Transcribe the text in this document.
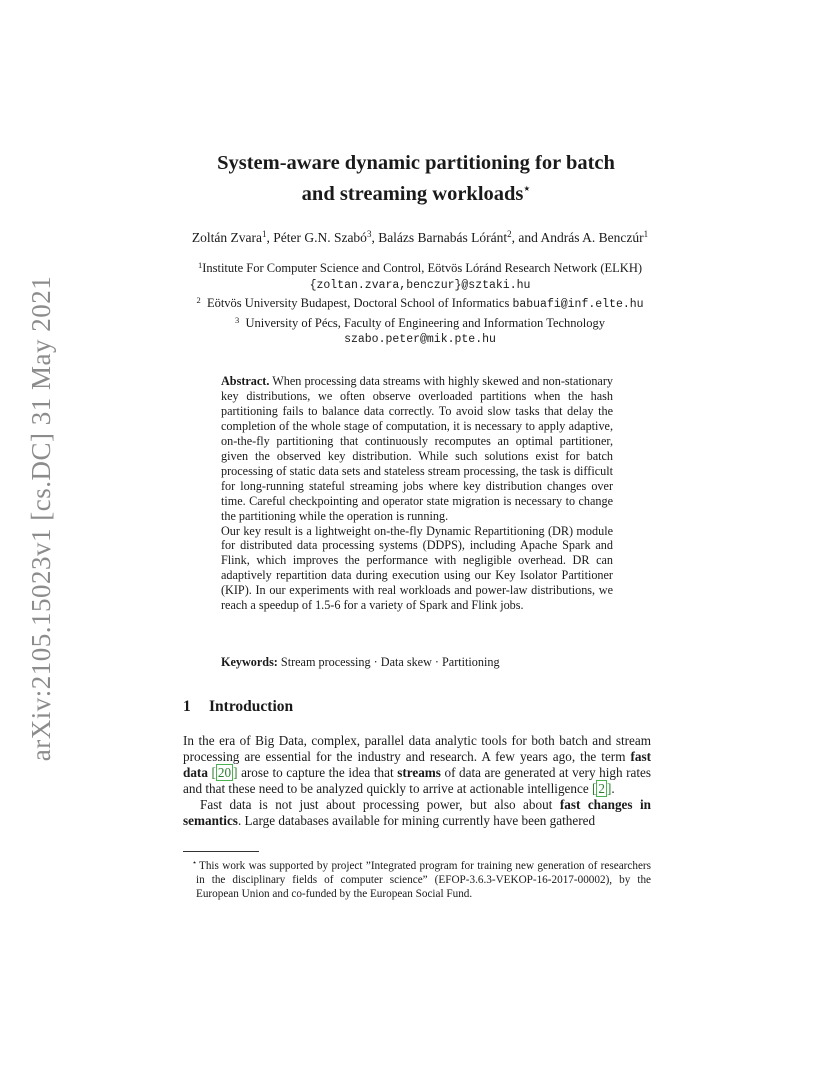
arXiv:2105.15023v1 [cs.DC] 31 May 2021
System-aware dynamic partitioning for batch
and streaming workloads⋆
Zoltán Zvara$^1$, Péter G.N. Szabó$^3$, Balázs Barnabás Lóránt$^2$, and András A. Benczúr$^1$
$^1$Institute For Computer Science and Control, Eötvös Lóránd Research Network (ELKH)
{zoltan.zvara,benczur}@sztaki.hu
$^2$ Eötvös University Budapest, Doctoral School of Informatics babuafi@inf.elte.hu
$^3$ University of Pécs, Faculty of Engineering and Information Technology
szabo.peter@mik.pte.hu

Abstract. When processing data streams with highly skewed and non-stationary key distributions, we often observe overloaded partitions when the hash partitioning fails to balance data correctly. To avoid slow tasks that delay the completion of the whole stage of computation, it is necessary to apply adaptive, on-the-fly partitioning that continuously recomputes an optimal partitioner, given the observed key distribution. While such solutions exist for batch processing of static data sets and stateless stream processing, the task is difficult for long-running stateful streaming jobs where key distribution changes over time. Careful checkpointing and operator state migration is necessary to change the partitioning while the operation is running.

Our key result is a lightweight on-the-fly Dynamic Repartitioning (DR) module for distributed data processing systems (DDPS), including Apache Spark and Flink, which improves the performance with negligible overhead. DR can adaptively repartition data during execution using our Key Isolator Partitioner (KIP). In our experiments with real workloads and power-law distributions, we reach a speedup of 1.5-6 for a variety of Spark and Flink jobs.

Keywords: Stream processing · Data skew · Partitioning
1 Introduction

In the era of Big Data, complex, parallel data analytic tools for both batch and stream processing are essential for the industry and research. A few years ago, the term fast data [ 20 ] arose to capture the idea that streams of data are generated at very high rates and that these need to be analyzed quickly to arrive at actionable intelligence [ 2 ].

Fast data is not just about processing power, but also about fast changes in semantics. Large databases available for mining currently have been gathered

⋆ This work was supported by project ”Integrated program for training new generation of researchers in the disciplinary fields of computer science” (EFOP-3.6.3-VEKOP-16-2017-00002), by the European Union and co-funded by the European Social Fund.
